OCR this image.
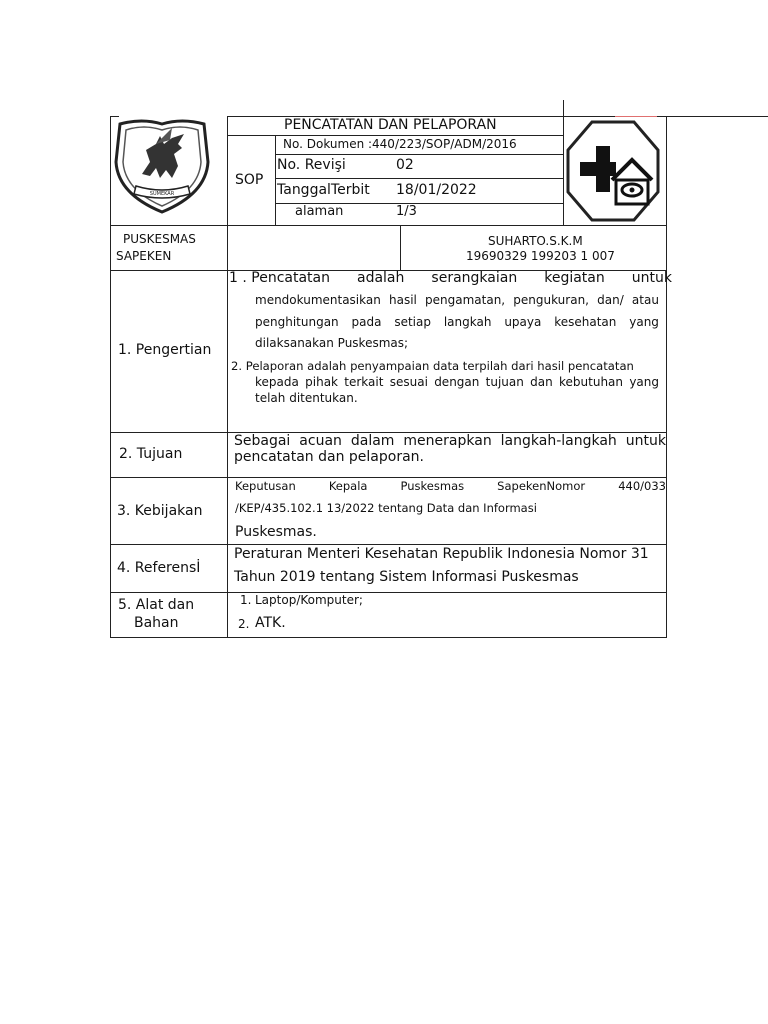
SUMEKAR
PENCATATAN DAN PELAPORAN
No. Dokumen :440/223/SOP/ADM/2016
SOP
No. Revişi	02
TanggalTerbit 18/01/2022
alaman	1/3
PUSKESMAS
SAPEKEN
SUHARTO.S.K.M
19690329 199203 1 007
1. Pengertian
1 . Pencatatan adalah serangkaian kegiatan untuk
mendokumentasikan hasil pengamatan, pengukuran, dan/ atau
penghitungan pada setiap langkah upaya kesehatan yang
dilaksanakan Puskesmas;
2. Pelaporan adalah penyampaian data terpilah dari hasil pencatatan
kepada pihak terkait sesuai dengan tujuan dan kebutuhan yang
telah ditentukan.
2. Tujuan
Sebagai acuan dalam menerapkan langkah-langkah untuk
pencatatan dan pelaporan.
3. Kebijakan
Keputusan	Kepala	Puskesmas	SapekenNomor	440/033
/KEP/435.102.1 13/2022 tentang Data dan Informasi
Puskesmas.
4. Referensİ
Peraturan Menteri Kesehatan Republik Indonesia Nomor 31
Tahun 2019 tentang Sistem Informasi Puskesmas
5. Alat dan
Bahan
1. Laptop/Komputer;
2. ATK.
